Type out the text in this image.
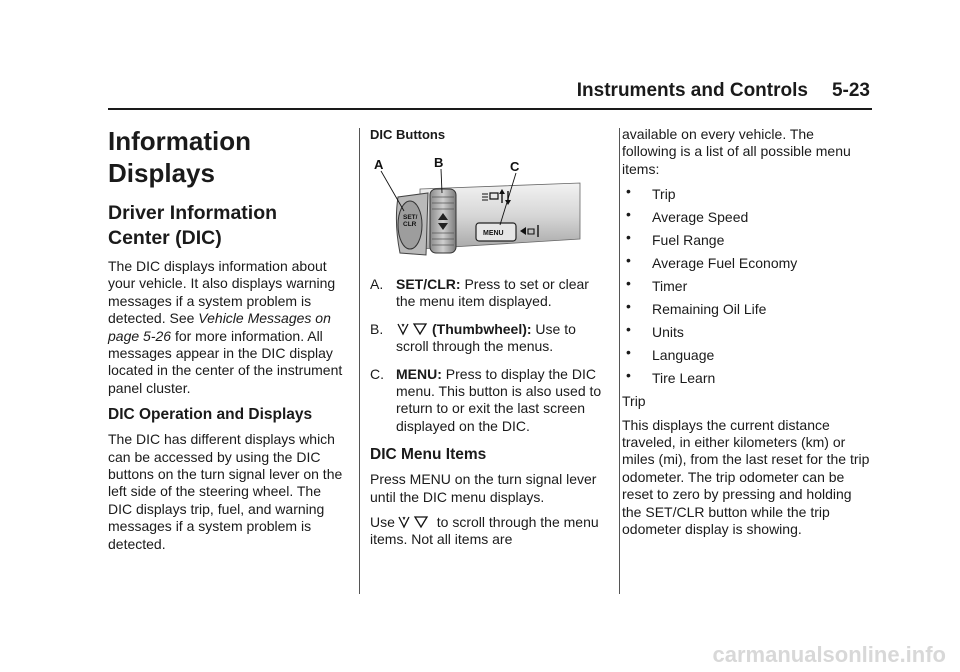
Instruments and Controls 5-23
Information Displays
Driver Information
Center (DIC)
The DIC displays information about your vehicle. It also displays warning messages if a system problem is detected. See Vehicle Messages on page 5-26 for more information. All messages appear in the DIC display located in the center of the instrument panel cluster.
DIC Operation and Displays
The DIC has different displays which can be accessed by using the DIC buttons on the turn signal lever on the left side of the steering wheel. The DIC displays trip, fuel, and warning messages if a system problem is detected.
DIC Buttons
SET/
CLR
MENU
A	B	C
A. SET/CLR: Press to set or clear the menu item displayed.
B.	(Thumbwheel): Use to scroll through the menus.
C. MENU: Press to display the DIC menu. This button is also used to return to or exit the last screen displayed on the DIC.
DIC Menu Items
Press MENU on the turn signal lever until the DIC menu displays.
Use	to scroll through the menu items. Not all items are
available on every vehicle. The following is a list of all possible menu items:
• Trip
• Average Speed
• Fuel Range
• Average Fuel Economy
• Timer
• Remaining Oil Life
• Units
• Language
• Tire Learn
Trip
This displays the current distance traveled, in either kilometers (km) or miles (mi), from the last reset for the trip odometer. The trip odometer can be reset to zero by pressing and holding the SET/CLR button while the trip odometer display is showing.
carmanualsonline.info
